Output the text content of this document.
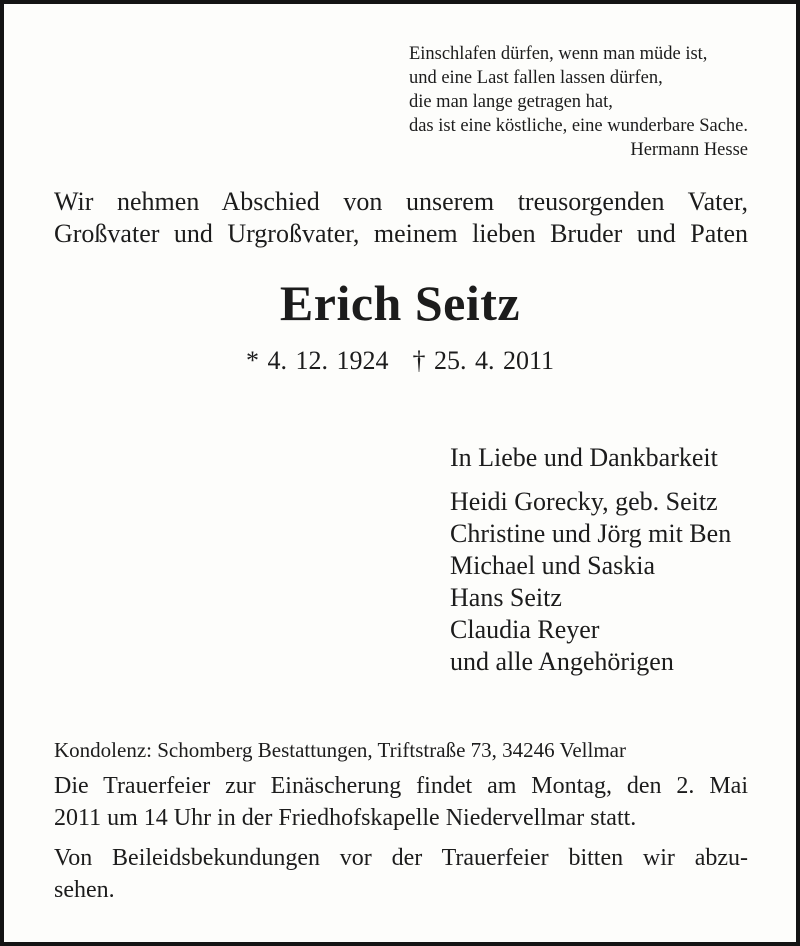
Einschlafen dürfen, wenn man müde ist,
und eine Last fallen lassen dürfen,
die man lange getragen hat,
das ist eine köstliche, eine wunderbare Sache.
Hermann Hesse
Wir nehmen Abschied von unserem treusorgenden Vater,
Großvater und Urgroßvater, meinem lieben Bruder und Paten
Erich Seitz
* 4. 12. 1924 † 25. 4. 2011
In Liebe und Dankbarkeit
Heidi Gorecky, geb. Seitz
Christine und Jörg mit Ben
Michael und Saskia
Hans Seitz
Claudia Reyer
und alle Angehörigen
Kondolenz: Schomberg Bestattungen, Triftstraße 73, 34246 Vellmar
Die Trauerfeier zur Einäscherung findet am Montag, den 2. Mai
2011 um 14 Uhr in der Friedhofskapelle Niedervellmar statt.
Von Beileidsbekundungen vor der Trauerfeier bitten wir abzu-
sehen.
